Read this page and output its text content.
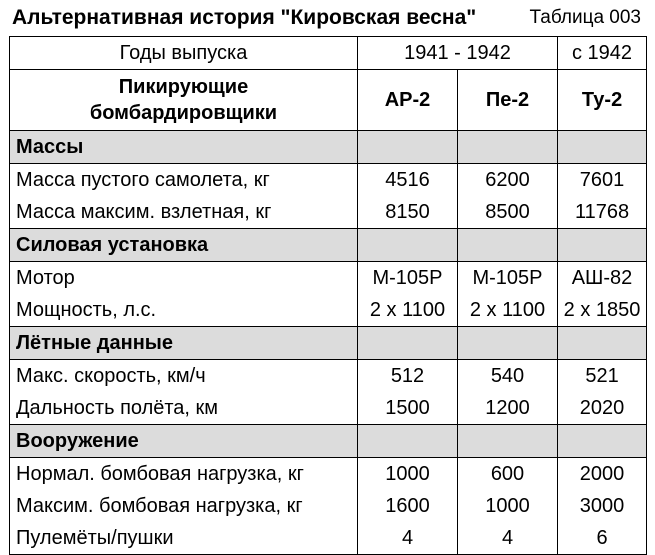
Альтернативная история "Кировская весна"	Таблица 003
Годы выпуска	1941 - 1942		с 1942

Пикирующие
бомбардировщики	АР-2	Пе-2	Ту-2
Массы			
Масса пустого самолета, кг	4516	6200	7601
Масса максим. взлетная, кг	8150	8500	11768
Силовая установка			
Мотор	М-105Р	М-105Р	АШ-82
Мощность, л.с.	2 х 1100	2 х 1100	2 х 1850
Лётные данные			
Макс. скорость, км/ч	512	540	521
Дальность полёта, км	1500	1200	2020
Вооружение			
Нормал. бомбовая нагрузка, кг	1000	600	2000
Максим. бомбовая нагрузка, кг	1600	1000	3000
Пулемёты/пушки	4	4	6
